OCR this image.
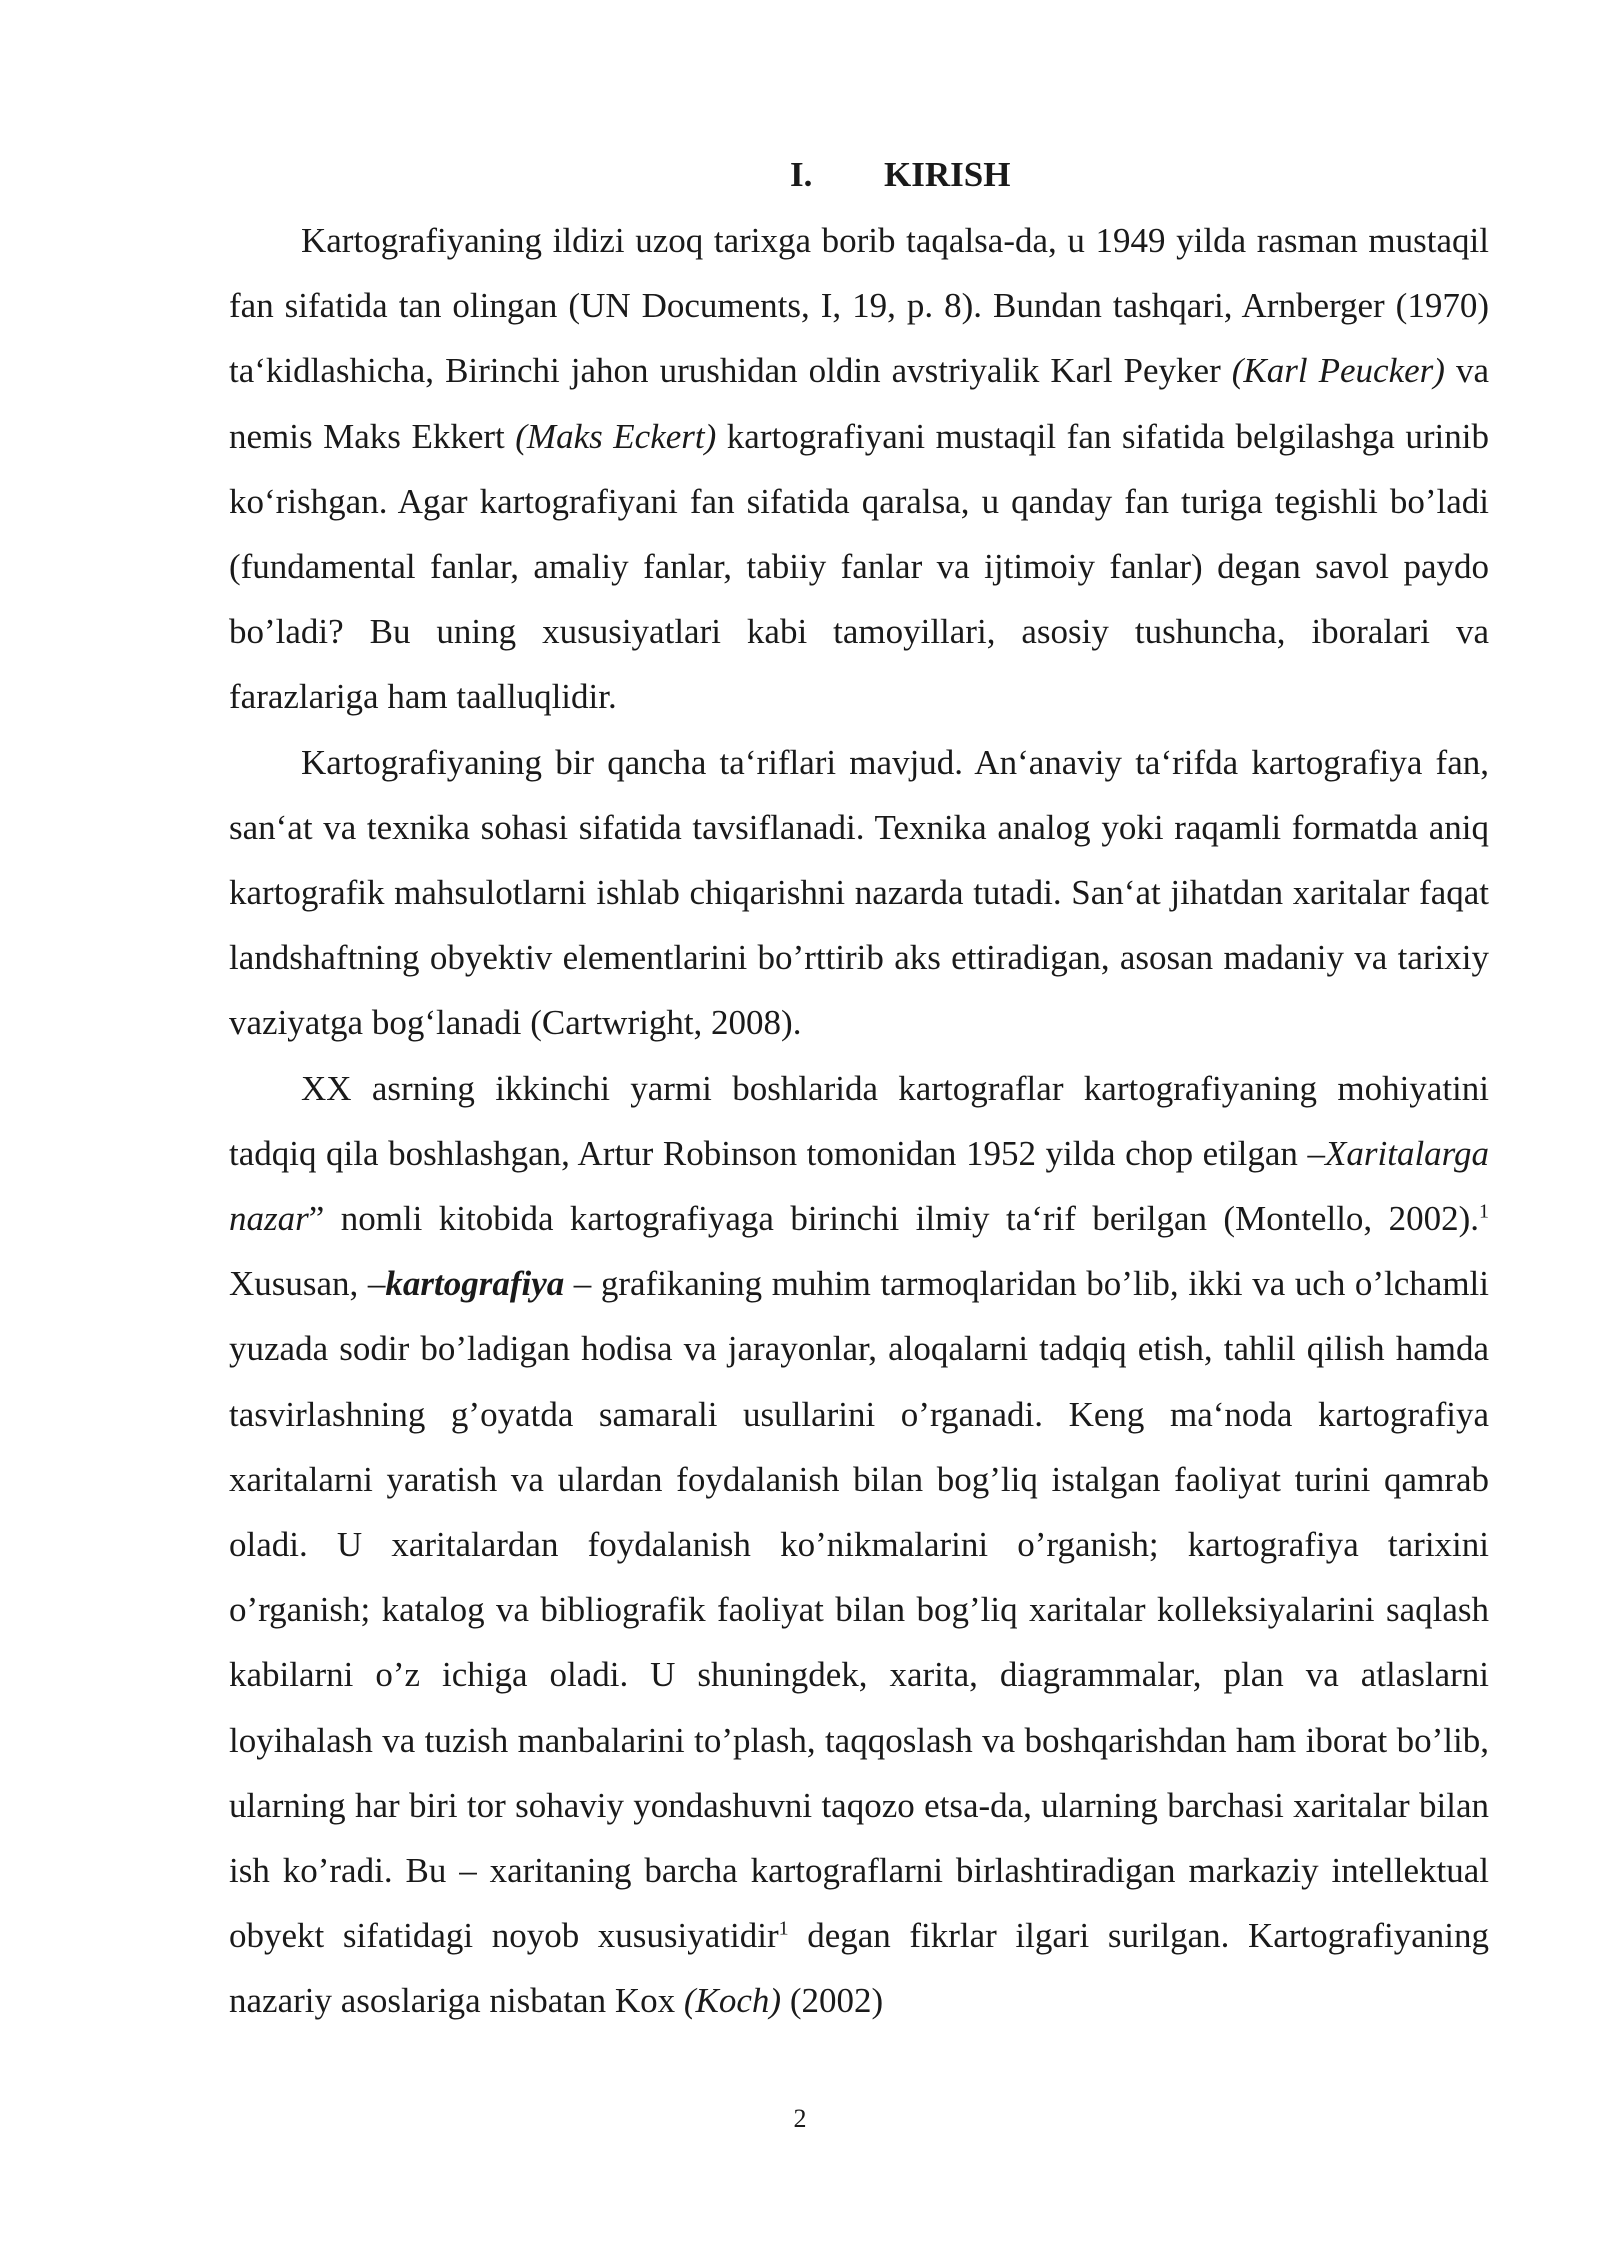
I. KIRISH

Kartografiyaning ildizi uzoq tarixga borib taqalsa-da, u 1949 yilda rasman mustaqil fan sifatida tan olingan (UN Documents, I, 19, p. 8). Bundan tashqari, Arnberger (1970) ta‘kidlashicha, Birinchi jahon urushidan oldin avstriyalik Karl Peyker (Karl Peucker) va nemis Maks Ekkert (Maks Eckert) kartografiyani mustaqil fan sifatida belgilashga urinib ko‘rishgan. Agar kartografiyani fan sifatida qaralsa, u qanday fan turiga tegishli bo’ladi (fundamental fanlar, amaliy fanlar, tabiiy fanlar va ijtimoiy fanlar) degan savol paydo bo’ladi? Bu uning xususiyatlari kabi tamoyillari, asosiy tushuncha, iboralari va farazlariga ham taalluqlidir.

Kartografiyaning bir qancha ta‘riflari mavjud. An‘anaviy ta‘rifda kartografiya fan, san‘at va texnika sohasi sifatida tavsiflanadi. Texnika analog yoki raqamli formatda aniq kartografik mahsulotlarni ishlab chiqarishni nazarda tutadi. San‘at jihatdan xaritalar faqat landshaftning obyektiv elementlarini bo’rttirib aks ettiradigan, asosan madaniy va tarixiy vaziyatga bog‘lanadi (Cartwright, 2008).

XX asrning ikkinchi yarmi boshlarida kartograflar kartografiyaning mohiyatini tadqiq qila boshlashgan, Artur Robinson tomonidan 1952 yilda chop etilgan –Xaritalarga nazar” nomli kitobida kartografiyaga birinchi ilmiy ta‘rif berilgan (Montello, 2002).$^1$ Xususan, –kartografiya – grafikaning muhim tarmoqlaridan bo’lib, ikki va uch o’lchamli yuzada sodir bo’ladigan hodisa va jarayonlar, aloqalarni tadqiq etish, tahlil qilish hamda tasvirlashning g’oyatda samarali usullarini o’rganadi. Keng ma‘noda kartografiya xaritalarni yaratish va ulardan foydalanish bilan bog’liq istalgan faoliyat turini qamrab oladi. U xaritalardan foydalanish ko’nikmalarini o’rganish; kartografiya tarixini o’rganish; katalog va bibliografik faoliyat bilan bog’liq xaritalar kolleksiyalarini saqlash kabilarni o’z ichiga oladi. U shuningdek, xarita, diagrammalar, plan va atlaslarni loyihalash va tuzish manbalarini to’plash, taqqoslash va boshqarishdan ham iborat bo’lib, ularning har biri tor sohaviy yondashuvni taqozo etsa-da, ularning barchasi xaritalar bilan ish ko’radi. Bu – xaritaning barcha kartograflarni birlashtiradigan markaziy intellektual obyekt sifatidagi noyob xususiyatidir$^1$ degan fikrlar ilgari surilgan. Kartografiyaning nazariy asoslariga nisbatan Kox (Koch) (2002)

2
